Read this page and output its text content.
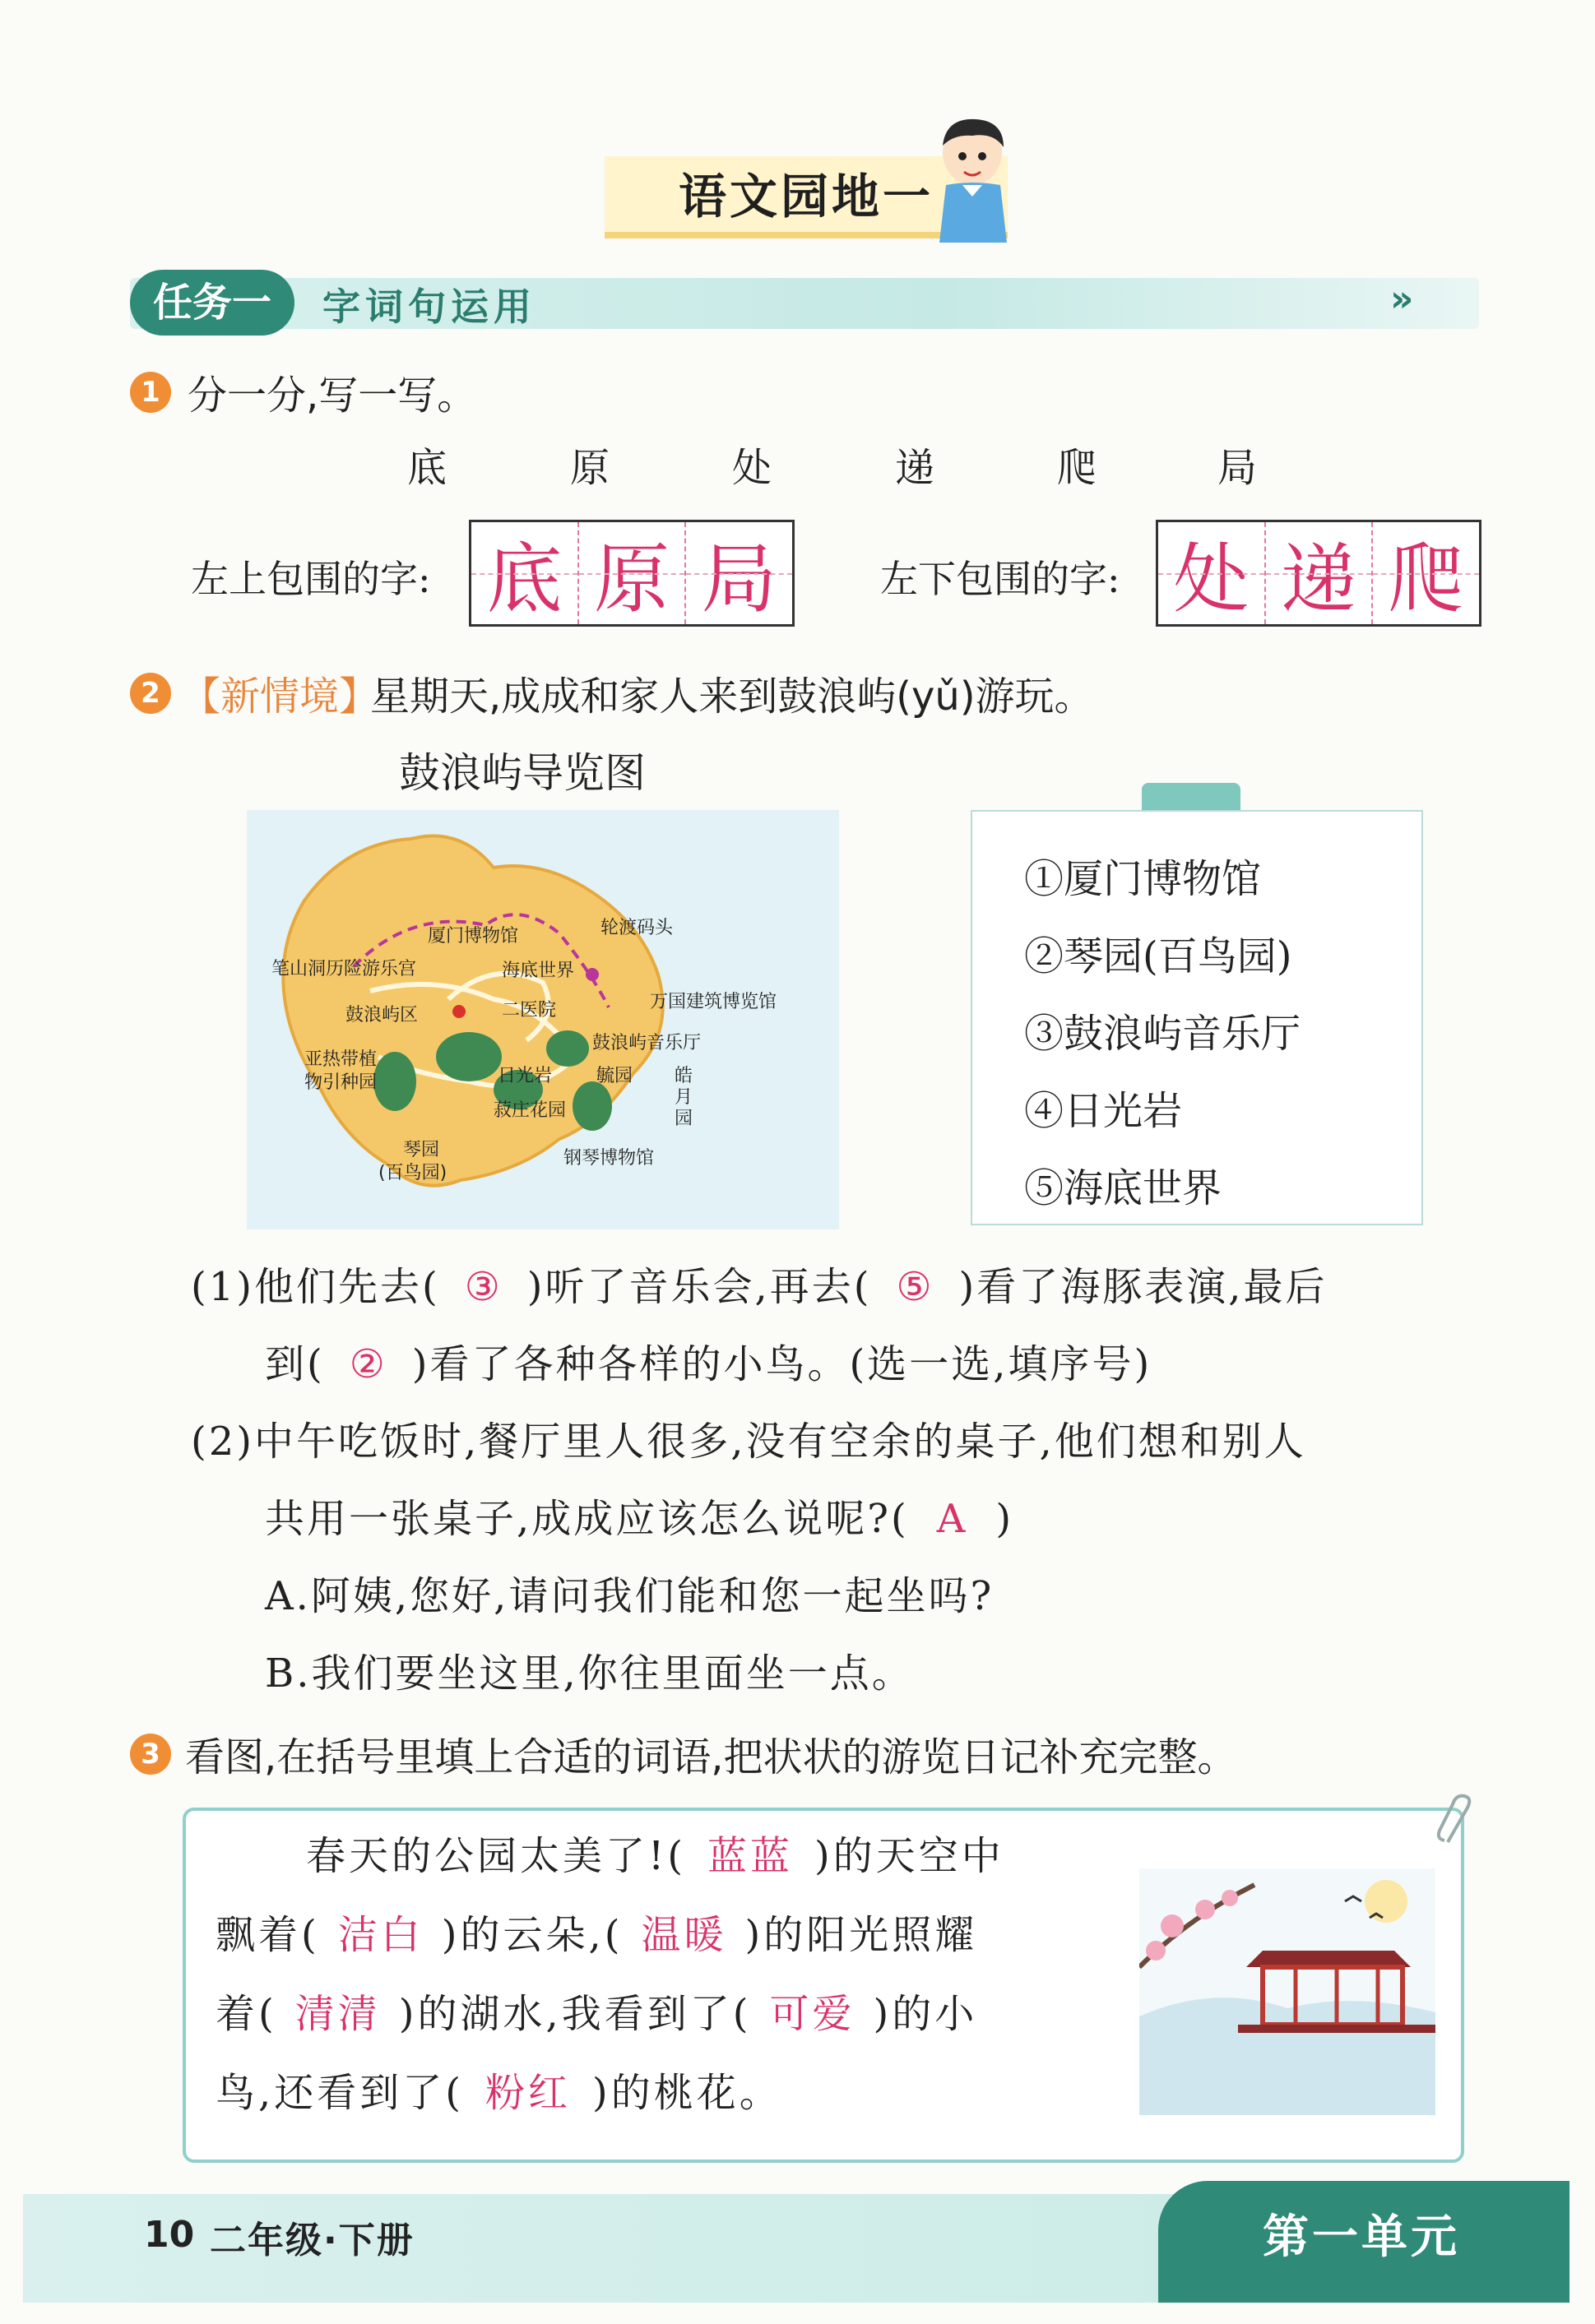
语文园地一
任务一	字词句运用	»
1 分一分,写一写。
底	原	处	递	爬	局
左上包围的字: 底 原 局	左下包围的字: 处 递 爬
2 【新情境】
星期天,成成和家人来到鼓浪屿(yǔ)游玩。
鼓浪屿导览图
厦门博物馆	轮渡码头
笔山洞历险游乐宫	海底世界
万国建筑博览馆
鼓浪屿区	二医院
鼓浪屿音乐厅
亚热带植
物引种园	日光岩 毓园 皓
月
园
菽庄花园
琴园
(百鸟园)
钢琴博物馆
①厦门博物馆
②琴园(百鸟园)
③鼓浪屿音乐厅
④日光岩
⑤海底世界
(1)他们先去( ③ )听了音乐会,再去( ⑤ )看了海豚表演,最后
到( ② )看了各种各样的小鸟。(选一选,填序号)
(2)中午吃饭时,餐厅里人很多,没有空余的桌子,他们想和别人
共用一张桌子,成成应该怎么说呢?( A )
A.阿姨,您好,请问我们能和您一起坐吗?
B.我们要坐这里,你往里面坐一点。
3 看图,在括号里填上合适的词语,把状状的游览日记补充完整。
春天的公园太美了!( 蓝蓝 )的天空中
飘着( 洁白 )的云朵,( 温暖 )的阳光照耀
着( 清清 )的湖水,我看到了( 可爱 )的小
鸟,还看到了( 粉红 )的桃花。
10 二年级·下册	第一单元
